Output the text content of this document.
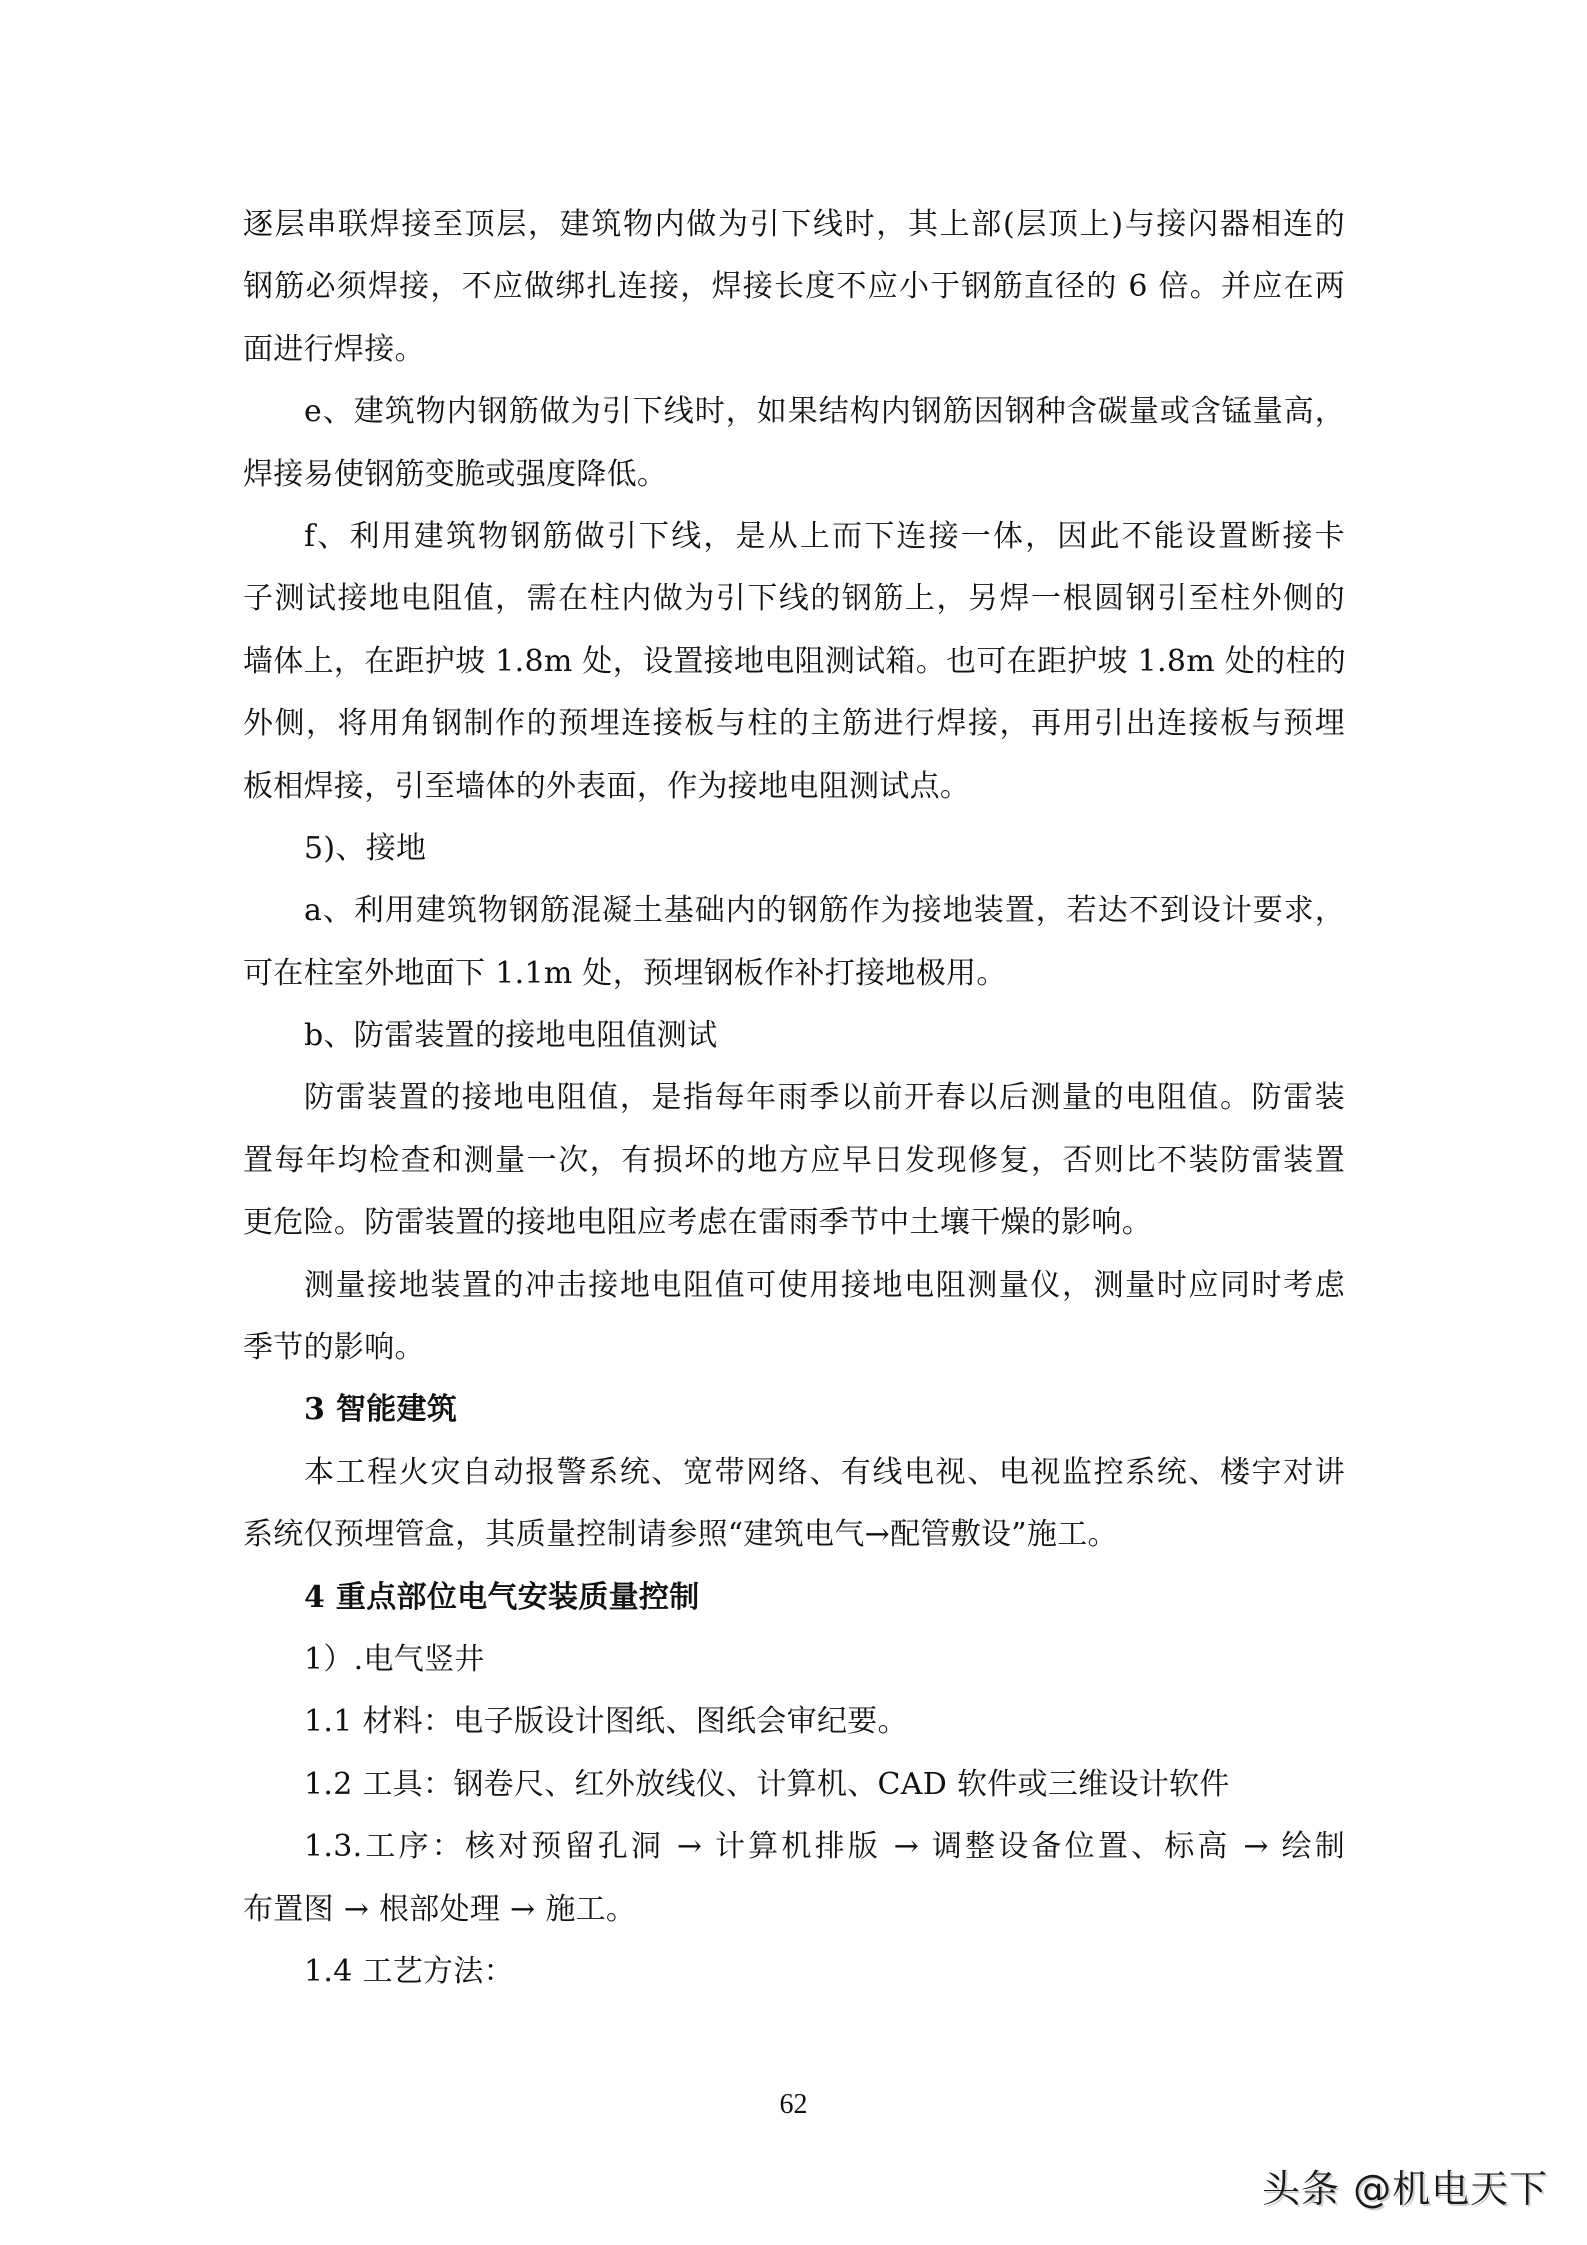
逐层串联焊接至顶层，建筑物内做为引下线时，其上部(层顶上)与接闪器相连的
钢筋必须焊接，不应做绑扎连接，焊接长度不应小于钢筋直径的 6 倍。并应在两
面进行焊接。
e、建筑物内钢筋做为引下线时，如果结构内钢筋因钢种含碳量或含锰量高，
焊接易使钢筋变脆或强度降低。
f、利用建筑物钢筋做引下线，是从上而下连接一体，因此不能设置断接卡
子测试接地电阻值，需在柱内做为引下线的钢筋上，另焊一根圆钢引至柱外侧的
墙体上，在距护坡 1.8m 处，设置接地电阻测试箱。也可在距护坡 1.8m 处的柱的
外侧，将用角钢制作的预埋连接板与柱的主筋进行焊接，再用引出连接板与预埋
板相焊接，引至墙体的外表面，作为接地电阻测试点。
5)、接地
a、利用建筑物钢筋混凝土基础内的钢筋作为接地装置，若达不到设计要求，
可在柱室外地面下 1.1m 处，预埋钢板作补打接地极用。
b、防雷装置的接地电阻值测试
防雷装置的接地电阻值，是指每年雨季以前开春以后测量的电阻值。防雷装
置每年均检查和测量一次，有损坏的地方应早日发现修复，否则比不装防雷装置
更危险。防雷装置的接地电阻应考虑在雷雨季节中土壤干燥的影响。
测量接地装置的冲击接地电阻值可使用接地电阻测量仪，测量时应同时考虑
季节的影响。
3 智能建筑
本工程火灾自动报警系统、宽带网络、有线电视、电视监控系统、楼宇对讲
系统仅预埋管盒，其质量控制请参照“建筑电气→配管敷设”施工。
4 重点部位电气安装质量控制
1）.电气竖井
1.1 材料：电子版设计图纸、图纸会审纪要。
1.2 工具：钢卷尺、红外放线仪、计算机、CAD 软件或三维设计软件
1.3.工序：核对预留孔洞 → 计算机排版 → 调整设备位置、标高 → 绘制
布置图 → 根部处理 → 施工。
1.4 工艺方法：
62
头条 @机电天下
